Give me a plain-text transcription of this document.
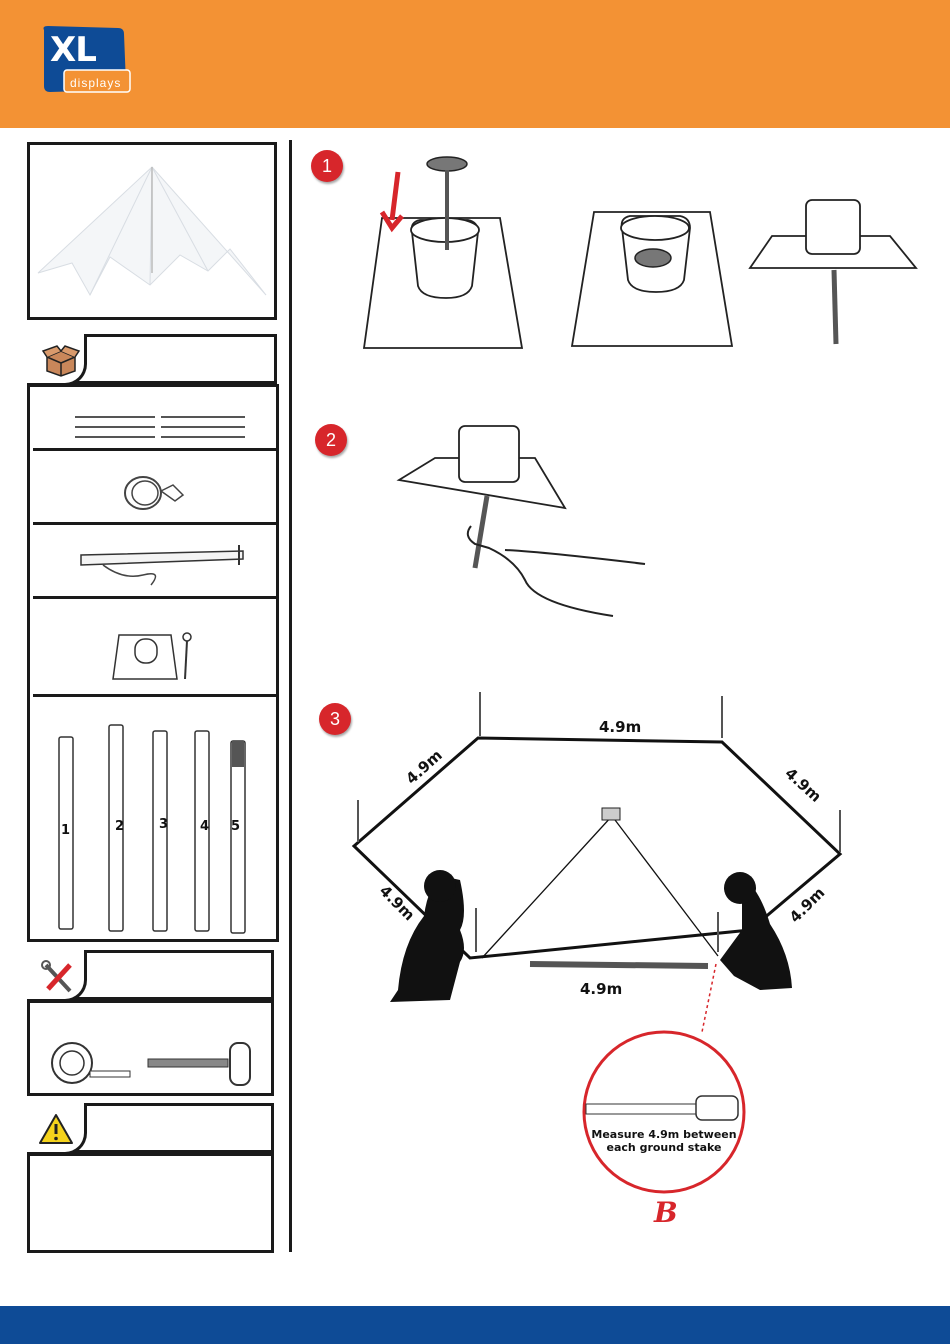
XL
displays
1	2	3 4 5
1
2
3	4.9m
4.9m	4.9m
4.9m	4.9m
4.9m
Measure 4.9m between
each ground stake
B
